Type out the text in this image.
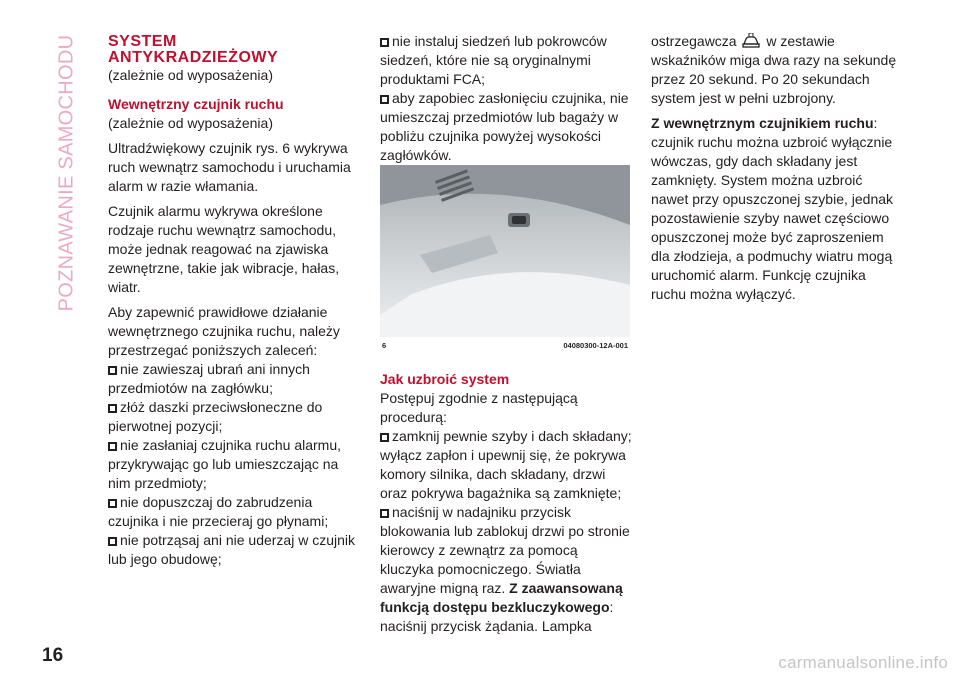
POZNAWANIE SAMOCHODU SYSTEM
ANTYKRADZIEŻOWY

(zależnie od wyposażenia)

Wewnętrzny czujnik ruchu

(zależnie od wyposażenia)

Ultradźwiękowy czujnik rys. 6 wykrywa ruch wewnątrz samochodu i uruchamia alarm w razie włamania.

Czujnik alarmu wykrywa określone rodzaje ruchu wewnątrz samochodu, może jednak reagować na zjawiska zewnętrzne, takie jak wibracje, hałas, wiatr.

Aby zapewnić prawidłowe działanie wewnętrznego czujnika ruchu, należy przestrzegać poniższych zaleceń:

nie zawieszaj ubrań ani innych przedmiotów na zagłówku;
złóż daszki przeciwsłoneczne do pierwotnej pozycji;
nie zasłaniaj czujnika ruchu alarmu, przykrywając go lub umieszczając na nim przedmioty;
nie dopuszczaj do zabrudzenia czujnika i nie przecieraj go płynami;
nie potrząsaj ani nie uderzaj w czujnik lub jego obudowę;
nie instaluj siedzeń lub pokrowców siedzeń, które nie są oryginalnymi produktami FCA;
aby zapobiec zasłonięciu czujnika, nie umieszczaj przedmiotów lub bagaży w pobliżu czujnika powyżej wysokości zagłówków.
6	04080300-12A-001
Jak uzbroić system
Postępuj zgodnie z następującą procedurą:
zamknij pewnie szyby i dach składany; wyłącz zapłon i upewnij się, że pokrywa komory silnika, dach składany, drzwi oraz pokrywa bagażnika są zamknięte;
naciśnij w nadajniku przycisk blokowania lub zablokuj drzwi po stronie kierowcy z zewnątrz za pomocą kluczyka pomocniczego. Światła awaryjne migną raz. Z zaawansowaną funkcją dostępu bezkluczykowego: naciśnij przycisk żądania. Lampka

ostrzegawcza w zestawie wskaźników miga dwa razy na sekundę przez 20 sekund. Po 20 sekundach system jest w pełni uzbrojony.

Z wewnętrznym czujnikiem ruchu: czujnik ruchu można uzbroić wyłącznie wówczas, gdy dach składany jest zamknięty. System można uzbroić nawet przy opuszczonej szybie, jednak pozostawienie szyby nawet częściowo opuszczonej może być zaproszeniem dla złodzieja, a podmuchy wiatru mogą uruchomić alarm. Funkcję czujnika ruchu można wyłączyć.

16	carmanualsonline.info
